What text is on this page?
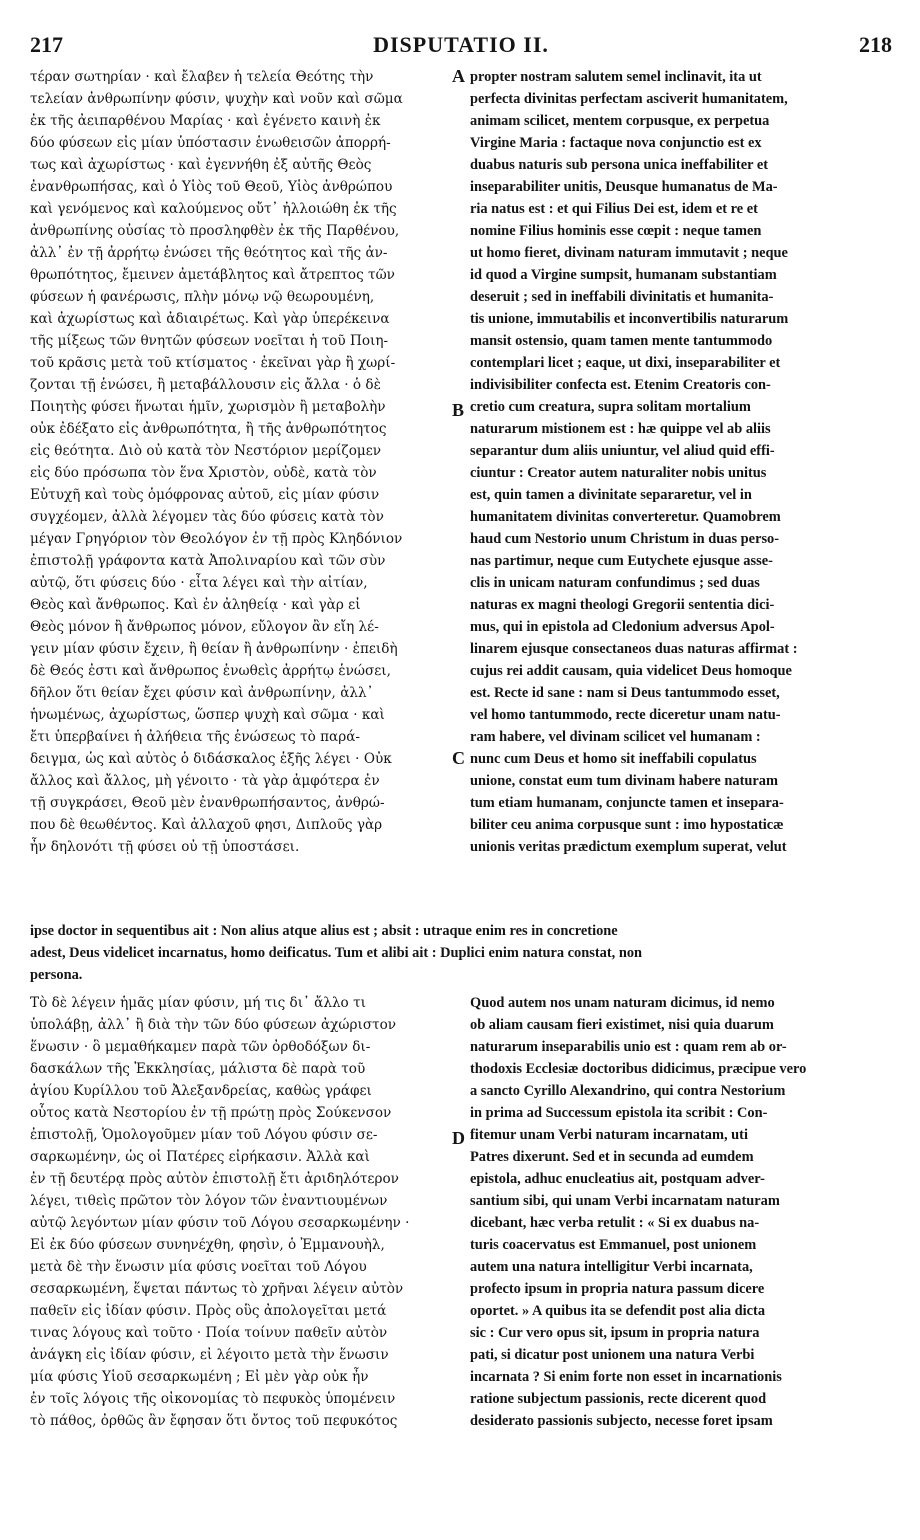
217	DISPUTATIO II.	218
τέραν σωτηρίαν · καὶ ἔλαβεν ἡ τελεία Θεότης τὴν
τελείαν ἀνθρωπίνην φύσιν, ψυχὴν καὶ νοῦν καὶ σῶμα
ἐκ τῆς ἀειπαρθένου Μαρίας · καὶ ἐγένετο καινὴ ἐκ
δύο φύσεων εἰς μίαν ὑπόστασιν ἑνωθεισῶν ἀπορρή-
τως καὶ ἀχωρίστως · καὶ ἐγεννήθη ἐξ αὐτῆς Θεὸς
ἐνανθρωπήσας, καὶ ὁ Υἱὸς τοῦ Θεοῦ, Υἱὸς ἀνθρώπου
καὶ γενόμενος καὶ καλούμενος οὔτ᾽ ἠλλοιώθη ἐκ τῆς
ἀνθρωπίνης οὐσίας τὸ προσληφθὲν ἐκ τῆς Παρθένου,
ἀλλ᾽ ἐν τῇ ἀρρήτῳ ἑνώσει τῆς θεότητος καὶ τῆς ἀν-
θρωπότητος, ἔμεινεν ἀμετάβλητος καὶ ἄτρεπτος τῶν
φύσεων ἡ φανέρωσις, πλὴν μόνῳ νῷ θεωρουμένη,
καὶ ἀχωρίστως καὶ ἀδιαιρέτως. Καὶ γὰρ ὑπερέκεινα
τῆς μίξεως τῶν θνητῶν φύσεων νοεῖται ἡ τοῦ Ποιη-
τοῦ κρᾶσις μετὰ τοῦ κτίσματος · ἐκεῖναι γὰρ ἢ χωρί-
ζονται τῇ ἑνώσει, ἢ μεταβάλλουσιν εἰς ἄλλα · ὁ δὲ
Ποιητὴς φύσει ἥνωται ἡμῖν, χωρισμὸν ἢ μεταβολὴν
οὐκ ἐδέξατο εἰς ἀνθρωπότητα, ἢ τῆς ἀνθρωπότητος
εἰς θεότητα. Διὸ οὐ κατὰ τὸν Νεστόριον μερίζομεν
εἰς δύο πρόσωπα τὸν ἕνα Χριστὸν, οὐδὲ, κατὰ τὸν
Εὐτυχῆ καὶ τοὺς ὁμόφρονας αὐτοῦ, εἰς μίαν φύσιν
συγχέομεν, ἀλλὰ λέγομεν τὰς δύο φύσεις κατὰ τὸν
μέγαν Γρηγόριον τὸν Θεολόγον ἐν τῇ πρὸς Κληδόνιον
ἐπιστολῇ γράφοντα κατὰ Ἀπολιναρίου καὶ τῶν σὺν
αὐτῷ, ὅτι φύσεις δύο · εἶτα λέγει καὶ τὴν αἰτίαν,
Θεὸς καὶ ἄνθρωπος. Καὶ ἐν ἀληθείᾳ · καὶ γὰρ εἰ
Θεὸς μόνον ἢ ἄνθρωπος μόνον, εὔλογον ἂν εἴη λέ-
γειν μίαν φύσιν ἔχειν, ἢ θείαν ἢ ἀνθρωπίνην · ἐπειδὴ
δὲ Θεός ἐστι καὶ ἄνθρωπος ἑνωθεὶς ἀρρήτῳ ἑνώσει,
δῆλον ὅτι θείαν ἔχει φύσιν καὶ ἀνθρωπίνην, ἀλλ᾽
ἡνωμένως, ἀχωρίστως, ὥσπερ ψυχὴ καὶ σῶμα · καὶ
ἔτι ὑπερβαίνει ἡ ἀλήθεια τῆς ἑνώσεως τὸ παρά-
δειγμα, ὡς καὶ αὐτὸς ὁ διδάσκαλος ἑξῆς λέγει · Οὐκ
ἄλλος καὶ ἄλλος, μὴ γένοιτο · τὰ γὰρ ἀμφότερα ἐν
τῇ συγκράσει, Θεοῦ μὲν ἐνανθρωπήσαντος, ἀνθρώ-
που δὲ θεωθέντος. Καὶ ἀλλαχοῦ φησι, Διπλοῦς γὰρ
ἦν δηλονότι τῇ φύσει οὐ τῇ ὑποστάσει.
propter nostram salutem semel inclinavit, ita ut
perfecta divinitas perfectam asciverit humanitatem,
animam scilicet, mentem corpusque, ex perpetua
Virgine Maria : factaque nova conjunctio est ex
duabus naturis sub persona unica ineffabiliter et
inseparabiliter unitis, Deusque humanatus de Ma-
ria natus est : et qui Filius Dei est, idem et re et
nomine Filius hominis esse cœpit : neque tamen
ut homo fieret, divinam naturam immutavit ; neque
id quod a Virgine sumpsit, humanam substantiam
deseruit ; sed in ineffabili divinitatis et humanita-
tis unione, immutabilis et inconvertibilis naturarum
mansit ostensio, quam tamen mente tantummodo
contemplari licet ; eaque, ut dixi, inseparabiliter et
indivisibiliter confecta est. Etenim Creatoris con-
cretio cum creatura, supra solitam mortalium
naturarum mistionem est : hæ quippe vel ab aliis
separantur dum aliis uniuntur, vel aliud quid effi-
ciuntur : Creator autem naturaliter nobis unitus
est, quin tamen a divinitate separaretur, vel in
humanitatem divinitas converteretur. Quamobrem
haud cum Nestorio unum Christum in duas perso-
nas partimur, neque cum Eutychete ejusque asse-
clis in unicam naturam confundimus ; sed duas
naturas ex magni theologi Gregorii sententia dici-
mus, qui in epistola ad Cledonium adversus Apol-
linarem ejusque consectaneos duas naturas affirmat :
cujus rei addit causam, quia videlicet Deus homoque
est. Recte id sane : nam si Deus tantummodo esset,
vel homo tantummodo, recte diceretur unam natu-
ram habere, vel divinam scilicet vel humanam :
nunc cum Deus et homo sit ineffabili copulatus
unione, constat eum tum divinam habere naturam
tum etiam humanam, conjuncte tamen et insepara-
biliter ceu anima corpusque sunt : imo hypostaticæ
unionis veritas prædictum exemplum superat, velut
A
B
C
D
ipse doctor in sequentibus ait : Non alius atque alius est ; absit : utraque enim res in concretione
adest, Deus videlicet incarnatus, homo deificatus. Tum et alibi ait : Duplici enim natura constat, non
persona.
Τὸ δὲ λέγειν ἡμᾶς μίαν φύσιν, μή τις δι᾽ ἄλλο τι
ὑπολάβῃ, ἀλλ᾽ ἢ διὰ τὴν τῶν δύο φύσεων ἀχώριστον
ἕνωσιν · ὃ μεμαθήκαμεν παρὰ τῶν ὀρθοδόξων δι-
δασκάλων τῆς Ἐκκλησίας, μάλιστα δὲ παρὰ τοῦ
ἁγίου Κυρίλλου τοῦ Ἀλεξανδρείας, καθὼς γράφει
οὗτος κατὰ Νεστορίου ἐν τῇ πρώτῃ πρὸς Σούκενσον
ἐπιστολῇ, Ὁμολογοῦμεν μίαν τοῦ Λόγου φύσιν σε-
σαρκωμένην, ὡς οἱ Πατέρες εἰρήκασιν. Ἀλλὰ καὶ
ἐν τῇ δευτέρᾳ πρὸς αὐτὸν ἐπιστολῇ ἔτι ἀριδηλότερον
λέγει, τιθεὶς πρῶτον τὸν λόγον τῶν ἐναντιουμένων
αὐτῷ λεγόντων μίαν φύσιν τοῦ Λόγου σεσαρκωμένην ·
Εἰ ἐκ δύο φύσεων συνηνέχθη, φησὶν, ὁ Ἐμμανουὴλ,
μετὰ δὲ τὴν ἕνωσιν μία φύσις νοεῖται τοῦ Λόγου
σεσαρκωμένη, ἕψεται πάντως τὸ χρῆναι λέγειν αὐτὸν
παθεῖν εἰς ἰδίαν φύσιν. Πρὸς οὓς ἀπολογεῖται μετά
τινας λόγους καὶ τοῦτο · Ποία τοίνυν παθεῖν αὐτὸν
ἀνάγκη εἰς ἰδίαν φύσιν, εἰ λέγοιτο μετὰ τὴν ἕνωσιν
μία φύσις Υἱοῦ σεσαρκωμένη ; Εἰ μὲν γὰρ οὐκ ἦν
ἐν τοῖς λόγοις τῆς οἰκονομίας τὸ πεφυκὸς ὑπομένειν
τὸ πάθος, ὀρθῶς ἂν ἔφησαν ὅτι ὄντος τοῦ πεφυκότος
Quod autem nos unam naturam dicimus, id nemo
ob aliam causam fieri existimet, nisi quia duarum
naturarum inseparabilis unio est : quam rem ab or-
thodoxis Ecclesiæ doctoribus didicimus, præcipue vero
a sancto Cyrillo Alexandrino, qui contra Nestorium
in prima ad Successum epistola ita scribit : Con-
fitemur unam Verbi naturam incarnatam, uti
Patres dixerunt. Sed et in secunda ad eumdem
epistola, adhuc enucleatius ait, postquam adver-
santium sibi, qui unam Verbi incarnatam naturam
dicebant, hæc verba retulit : « Si ex duabus na-
turis coacervatus est Emmanuel, post unionem
autem una natura intelligitur Verbi incarnata,
profecto ipsum in propria natura passum dicere
oportet. » A quibus ita se defendit post alia dicta
sic : Cur vero opus sit, ipsum in propria natura
pati, si dicatur post unionem una natura Verbi
incarnata ? Si enim forte non esset in incarnationis
ratione subjectum passionis, recte dicerent quod
desiderato passionis subjecto, necesse foret ipsam
